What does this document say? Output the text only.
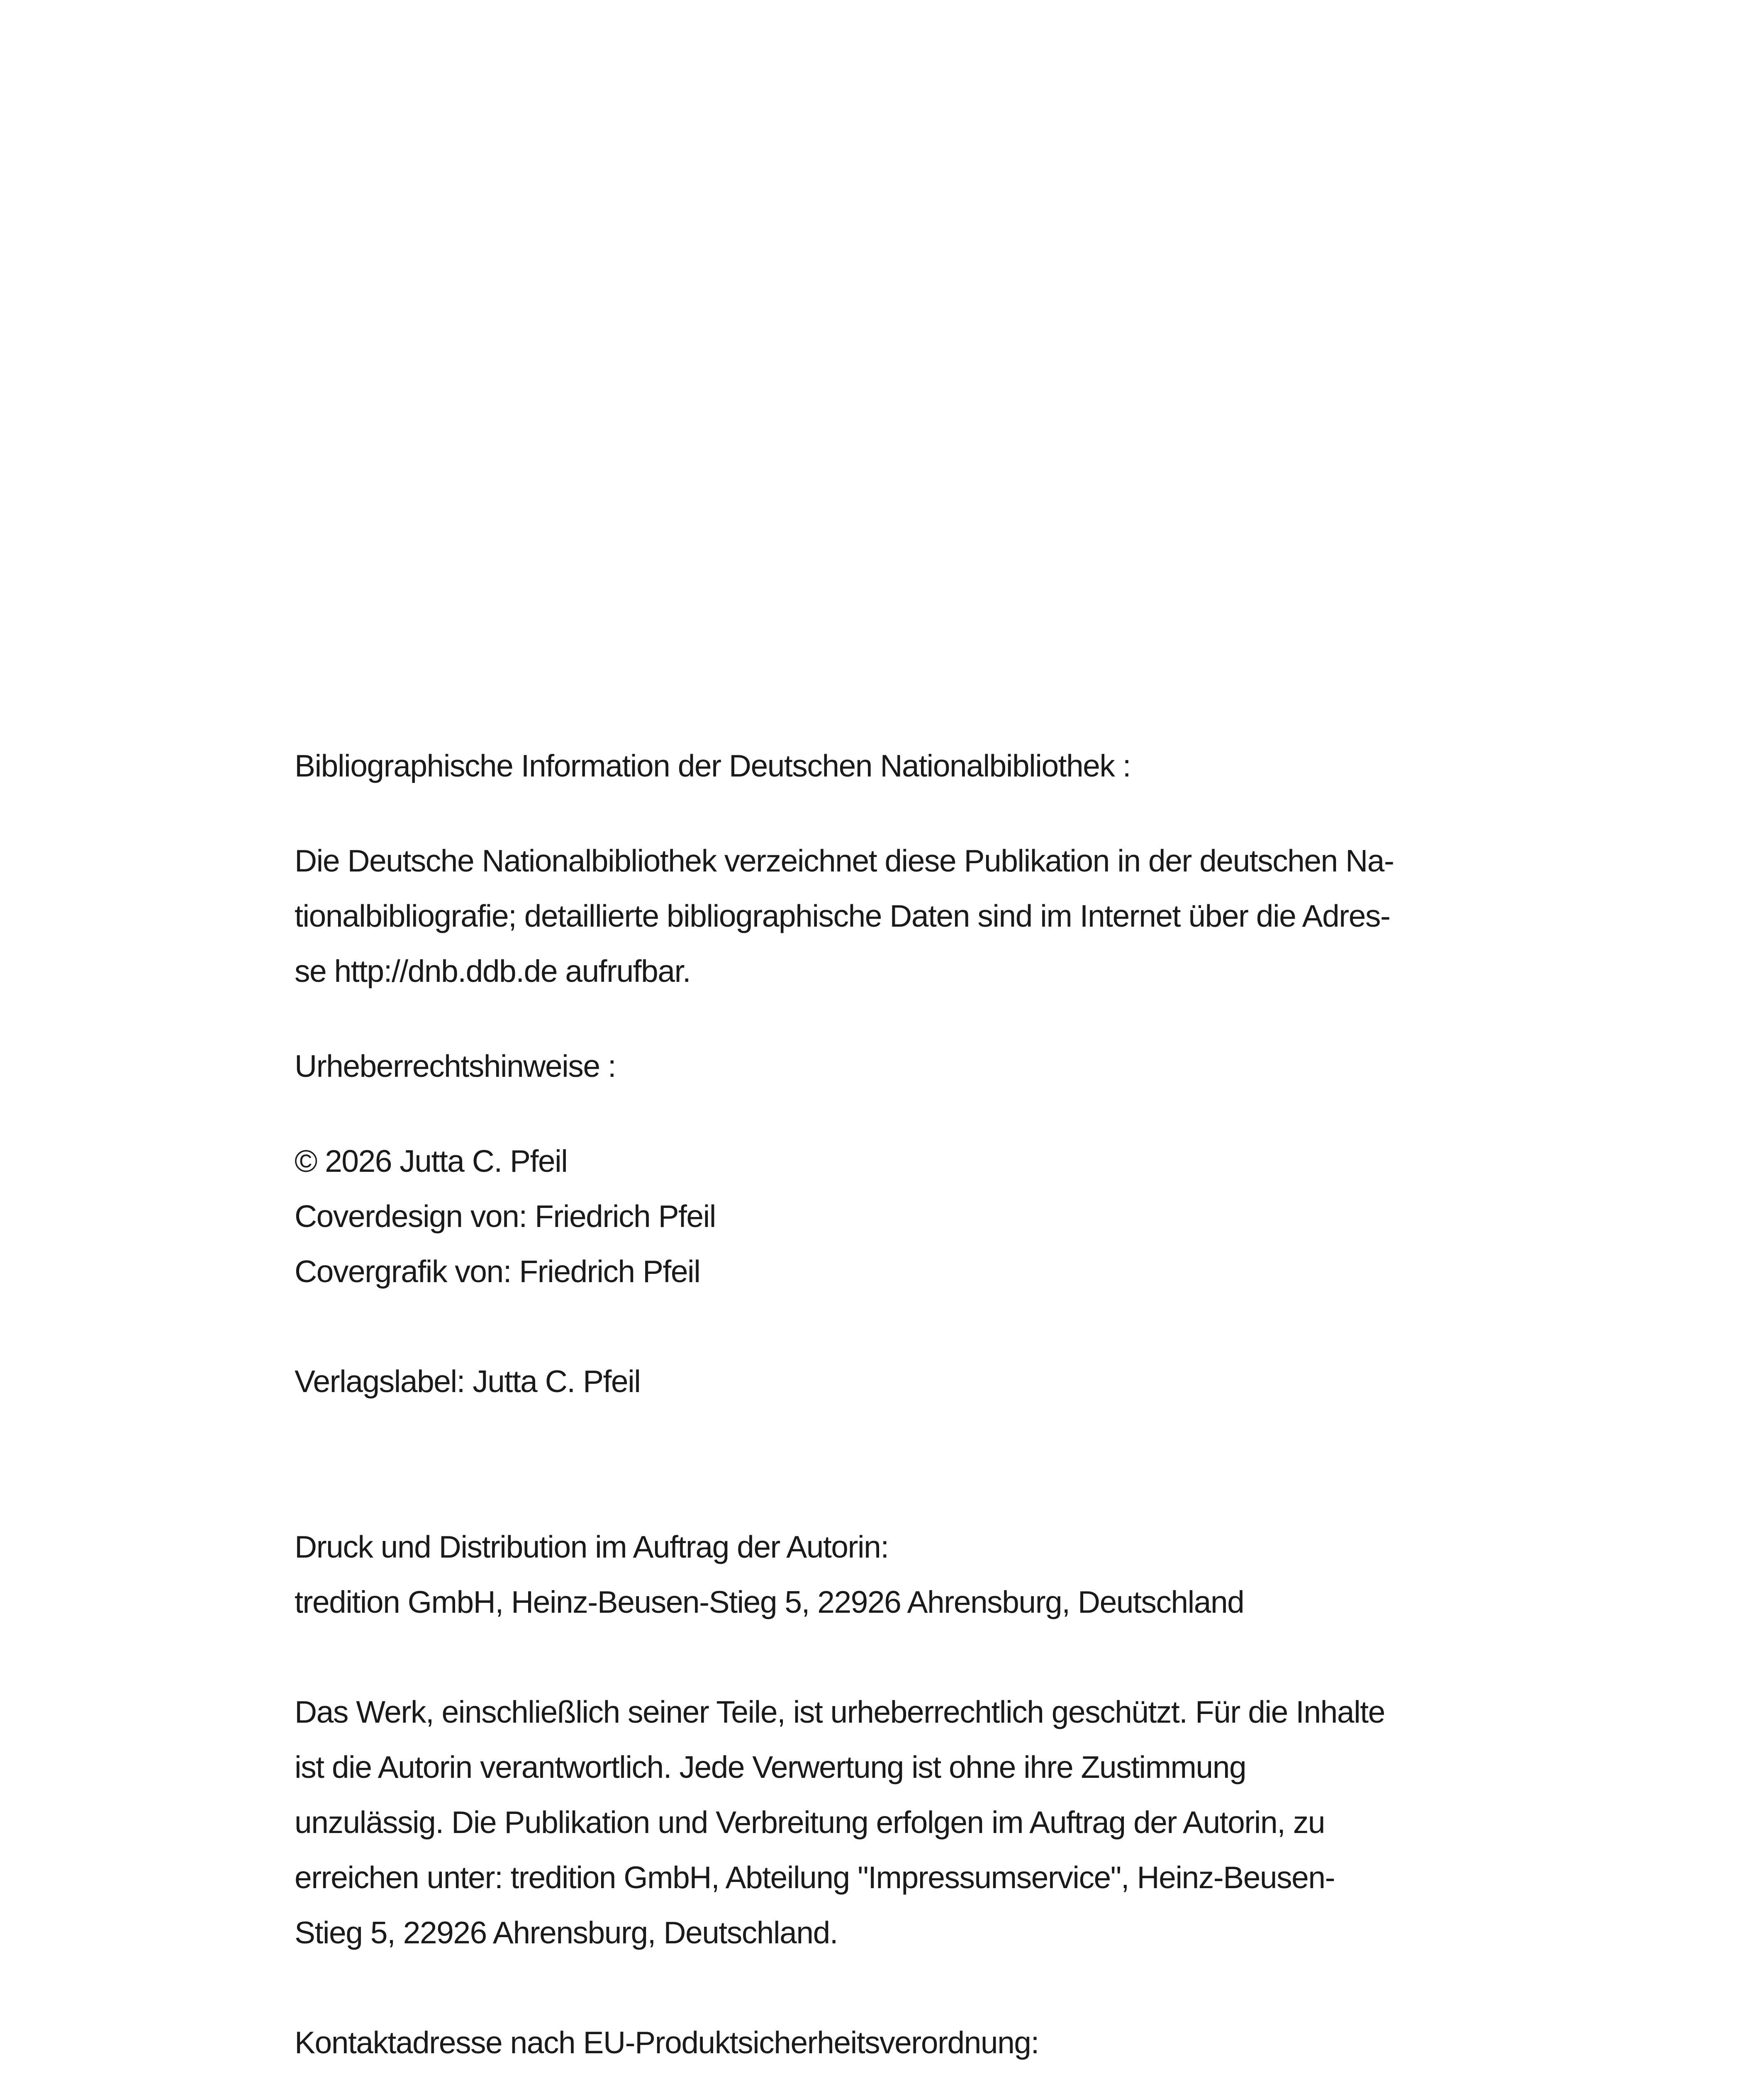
Bibliographische Information der Deutschen Nationalbibliothek :
Die Deutsche Nationalbibliothek verzeichnet diese Publikation in der deutschen Na-
tionalbibliografie; detaillierte bibliographische Daten sind im Internet über die Adres-
se http://dnb.ddb.de aufrufbar.
Urheberrechtshinweise :
© 2026 Jutta C. Pfeil
Coverdesign von: Friedrich Pfeil
Covergrafik von: Friedrich Pfeil
Verlagslabel: Jutta C. Pfeil
Druck und Distribution im Auftrag der Autorin:
tredition GmbH, Heinz-Beusen-Stieg 5, 22926 Ahrensburg, Deutschland
Das Werk, einschließlich seiner Teile, ist urheberrechtlich geschützt. Für die Inhalte
ist die Autorin verantwortlich. Jede Verwertung ist ohne ihre Zustimmung
unzulässig. Die Publikation und Verbreitung erfolgen im Auftrag der Autorin, zu
erreichen unter: tredition GmbH, Abteilung "Impressumservice", Heinz-Beusen-
Stieg 5, 22926 Ahrensburg, Deutschland.
Kontaktadresse nach EU-Produktsicherheitsverordnung:
